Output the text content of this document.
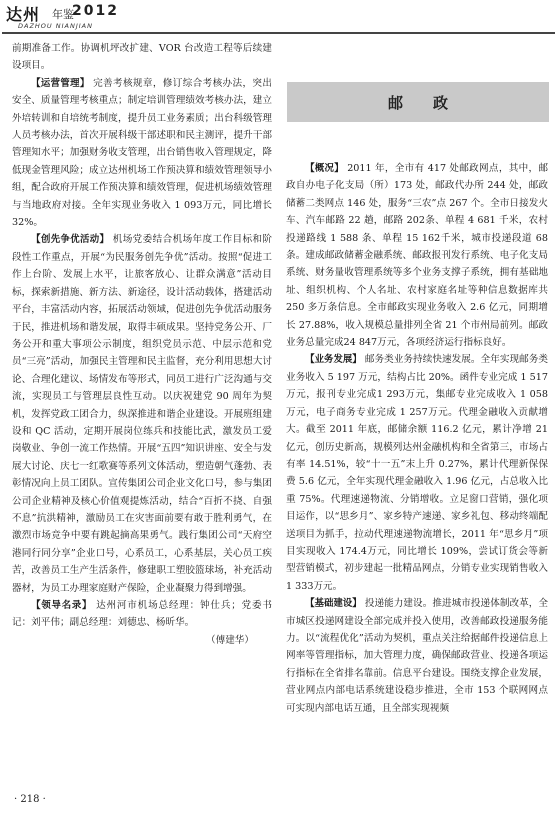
达州 年鉴
2012
DAZHOU NIANJIAN

前期准备工作。协调机坪改扩建、VOR 台改造工程等后续建设项目。

【运营管理】 完善考核规章，修订综合考核办法，突出安全、质量管理考核重点；制定培训管理绩效考核办法，建立外培转训和自培统考制度，提升员工业务素质；出台科级管理人员考核办法，首次开展科级干部述职和民主测评，提升干部管理知水平；加强财务收支管理，出台销售收入管理规定，降低现金管理风险；成立达州机场工作预决算和绩效管理领导小组，配合政府开展工作预决算和绩效管理，促进机场绩效管理与当地政府对接。全年实现业务收入 1 093万元，同比增长 32%。

【创先争优活动】 机场党委结合机场年度工作目标和阶段性工作重点，开展“为民服务创先争优”活动。按照“促进工作上台阶、发展上水平，让旅客放心、让群众满意”活动目标，探索新措施、新方法、新途径，设计活动载体，搭建活动平台，丰富活动内容，拓展活动领域，促进创先争优活动服务于民，推进机场和谐发展，取得丰硕成果。坚持党务公开、厂务公开和重大事项公示制度，组织党员示范、中层示范和党员“三亮”活动，加强民主管理和民主监督，充分利用思想大讨论、合理化建议、场情发布等形式，同员工进行广泛沟通与交流，实现员工与管理层良性互动。以庆祝建党 90 周年为契机，发挥党政工团合力，纵深推进和谐企业建设。开展班组建设和 QC 活动，定期开展岗位练兵和技能比武，激发员工爱岗敬业、争创一流工作热情。开展“五四”知识讲座、安全与发展大讨论、庆七一红歌赛等系列文体活动，塑造朝气蓬勃、表彰情况向上员工团队。宣传集团公司企业文化口号，参与集团公司企业精神及核心价值观提炼活动，结合“百折不挠、自强不息”抗洪精神，激励员工在灾害面前要有敢于胜利勇气，在激烈市场竞争中要有跳起摘高果勇气。践行集团公司“天府空港同行同分享”企业口号，心系员工，心系基层，关心员工疾苦，改善员工生产生活条件，修建职工塑胶篮球场，补充活动器材，为员工办理家庭财产保险，企业凝聚力得到增强。

【领导名录】 达州河市机场总经理：钟仕兵；党委书记：刘平伟；副总经理：刘德忠、杨昕华。

（傅建华）

邮政

【概况】 2011 年，全市有 417 处邮政网点，其中，邮政自办电子化支局（所）173 处，邮政代办所 244 处，邮政储蓄二类网点 146 处，服务“三农”点 267 个。全市日接发火车、汽车邮路 22 趟，邮路 202条、单程 4 681 千米，农村投递路线 1 588 条、单程 15 162千米，城市投递段道 68 条。建成邮政储蓄金融系统、邮政报刊发行系统、电子化支局系统、财务量收管理系统等多个业务支撑子系统，拥有基础地址、组织机构、个人名址、农村家庭名址等种信息数据库共 250 多万条信息。全市邮政实现业务收入 2.6 亿元，同期增长 27.88%，收入规模总量排列全省 21 个市州局前列。邮政业务总量完成24 847万元，各项经济运行指标良好。

【业务发展】 邮务类业务持续快速发展。全年实现邮务类业务收入 5 197 万元，结构占比 20%。函件专业完成 1 517 万元，报刊专业完成1 293万元，集邮专业完成收入 1 058 万元，电子商务专业完成 1 257万元。代理金融收入贡献增大。截至 2011 年底，邮储余额 116.2 亿元，累计净增 21 亿元，创历史新高，规模列达州金融机构和全省第三，市场占有率 14.51%，较“十一五”末上升 0.27%，累计代理新保保费 5.6 亿元，全年实现代理金融收入 1.96 亿元，占总收入比重 75%。代理速递物流、分销增收。立足窗口营销，强化项目运作，以“思乡月”、家乡特产速递、家乡礼包、移动终端配送项目为抓手，拉动代理速递物流增长，2011 年“思乡月”项目实现收入 174.4万元，同比增长 109%，尝试订货会等新型营销模式，初步建起一批精品网点，分销专业实现销售收入1 333万元。

【基础建设】 投递能力建设。推进城市投递体制改革，全市城区投递网建设全部完成并投入使用，改善邮政投递服务能力。以“流程优化”活动为契机，重点关注给据邮件投递信息上网率等管理指标，加大管理力度，确保邮政营业、投递各项运行指标在全省排名靠前。信息平台建设。围绕支撑企业发展，营业网点内部电话系统建设稳步推进，全市 153 个联网网点可实现内部电话互通，且全部实现视频

· 218 ·
